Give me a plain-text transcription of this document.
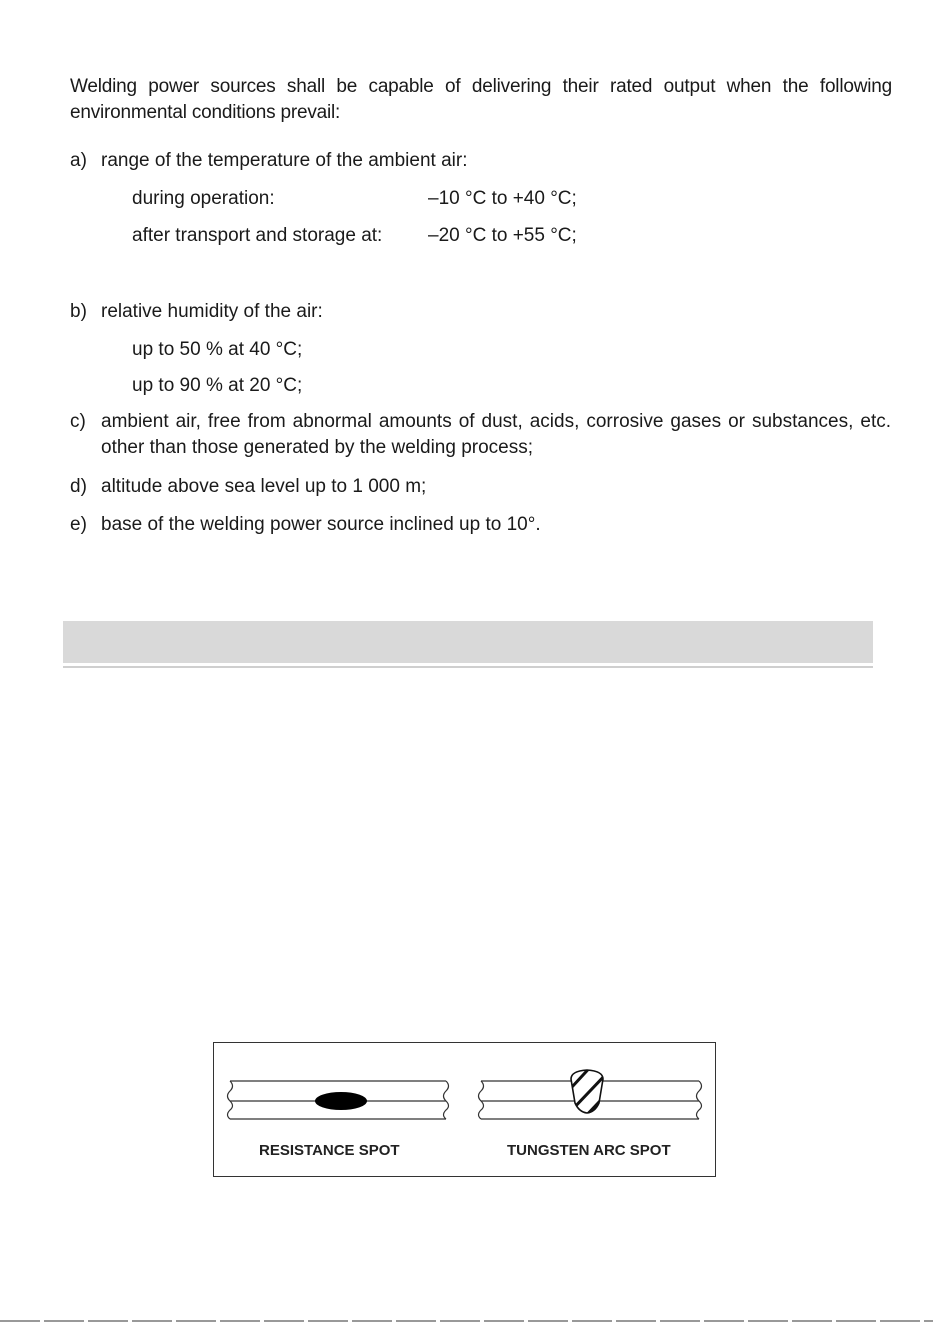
Welding power sources shall be capable of delivering their rated output when the following environmental conditions prevail:
a) range of the temperature of the ambient air:
during operation:	–10 °C to +40 °C;
after transport and storage at: –20 °C to +55 °C;
b) relative humidity of the air:
up to 50 % at 40 °C;
up to 90 % at 20 °C;
c) ambient air, free from abnormal amounts of dust, acids, corrosive gases or substances, etc. other than those generated by the welding process;
d) altitude above sea level up to 1 000 m;
e) base of the welding power source inclined up to 10°.
RESISTANCE SPOT	TUNGSTEN ARC SPOT
